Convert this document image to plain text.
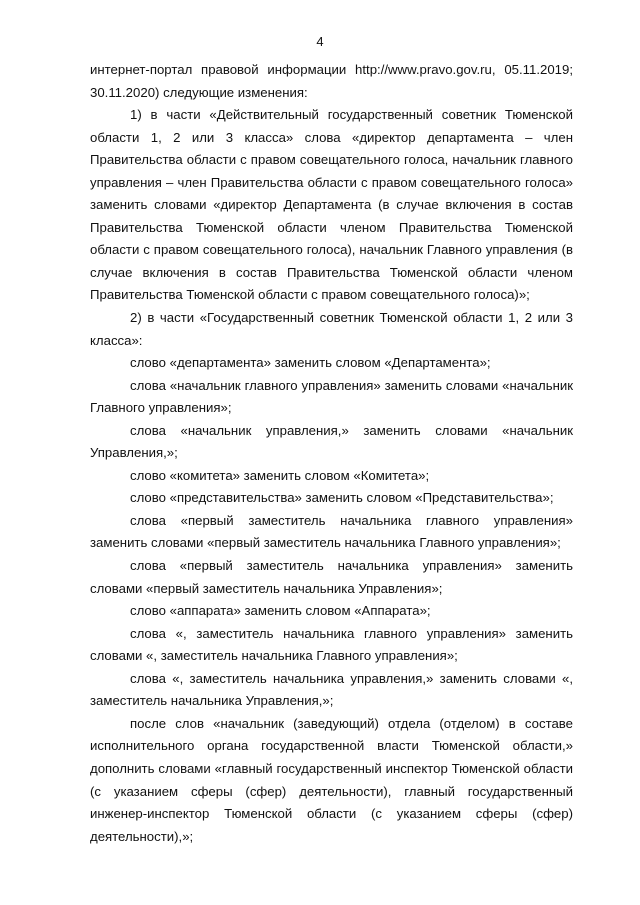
4

интернет-портал правовой информации http://www.pravo.gov.ru, 05.11.2019; 30.11.2020) следующие изменения:

1) в части «Действительный государственный советник Тюменской области 1, 2 или 3 класса» слова «директор департамента – член Правительства области с правом совещательного голоса, начальник главного управления – член Правительства области с правом совещательного голоса» заменить словами «директор Департамента (в случае включения в состав Правительства Тюменской области членом Правительства Тюменской области с правом совещательного голоса), начальник Главного управления (в случае включения в состав Правительства Тюменской области членом Правительства Тюменской области с правом совещательного голоса)»;

2) в части «Государственный советник Тюменской области 1, 2 или 3 класса»:

слово «департамента» заменить словом «Департамента»;

слова «начальник главного управления» заменить словами «начальник Главного управления»;

слова «начальник управления,» заменить словами «начальник Управления,»;

слово «комитета» заменить словом «Комитета»;

слово «представительства» заменить словом «Представительства»;

слова «первый заместитель начальника главного управления» заменить словами «первый заместитель начальника Главного управления»;

слова «первый заместитель начальника управления» заменить словами «первый заместитель начальника Управления»;

слово «аппарата» заменить словом «Аппарата»;

слова «, заместитель начальника главного управления» заменить словами «, заместитель начальника Главного управления»;

слова «, заместитель начальника управления,» заменить словами «, заместитель начальника Управления,»;

после слов «начальник (заведующий) отдела (отделом) в составе исполнительного органа государственной власти Тюменской области,» дополнить словами «главный государственный инспектор Тюменской области (с указанием сферы (сфер) деятельности), главный государственный инженер-инспектор Тюменской области (с указанием сферы (сфер) деятельности),»;
